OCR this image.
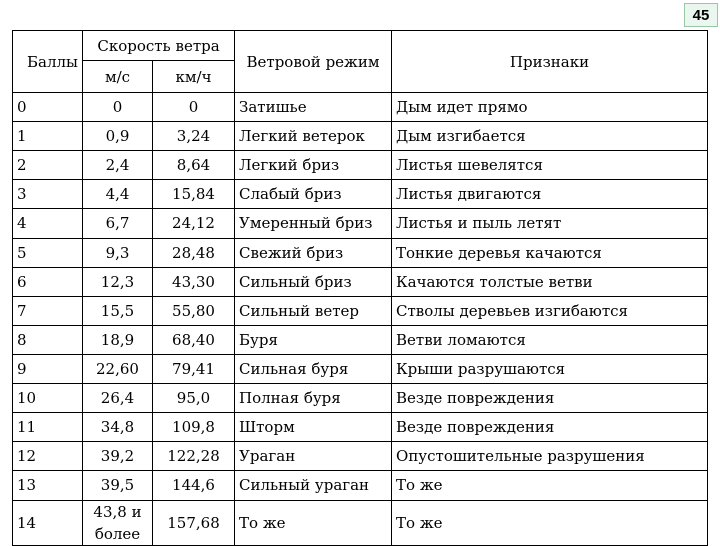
45
Баллы	Скорость ветра		Ветровой режим	Признаки
	м/с	км/ч		
0	0	0	Затишье	Дым идет прямо
1	0,9	3,24	Легкий ветерок	Дым изгибается
2	2,4	8,64	Легкий бриз	Листья шевелятся
3	4,4	15,84	Слабый бриз	Листья двигаются
4	6,7	24,12	Умеренный бриз	Листья и пыль летят
5	9,3	28,48	Свежий бриз	Тонкие деревья качаются
6	12,3	43,30	Сильный бриз	Качаются толстые ветви
7	15,5	55,80	Сильный ветер	Стволы деревьев изгибаются
8	18,9	68,40	Буря	Ветви ломаются
9	22,60	79,41	Сильная буря	Крыши разрушаются
10	26,4	95,0	Полная буря	Везде повреждения
11	34,8	109,8	Шторм	Везде повреждения
12	39,2	122,28	Ураган	Опустошительные разрушения
13	39,5	144,6	Сильный ураган	То же
14	43,8 и более	157,68	То же	То же
